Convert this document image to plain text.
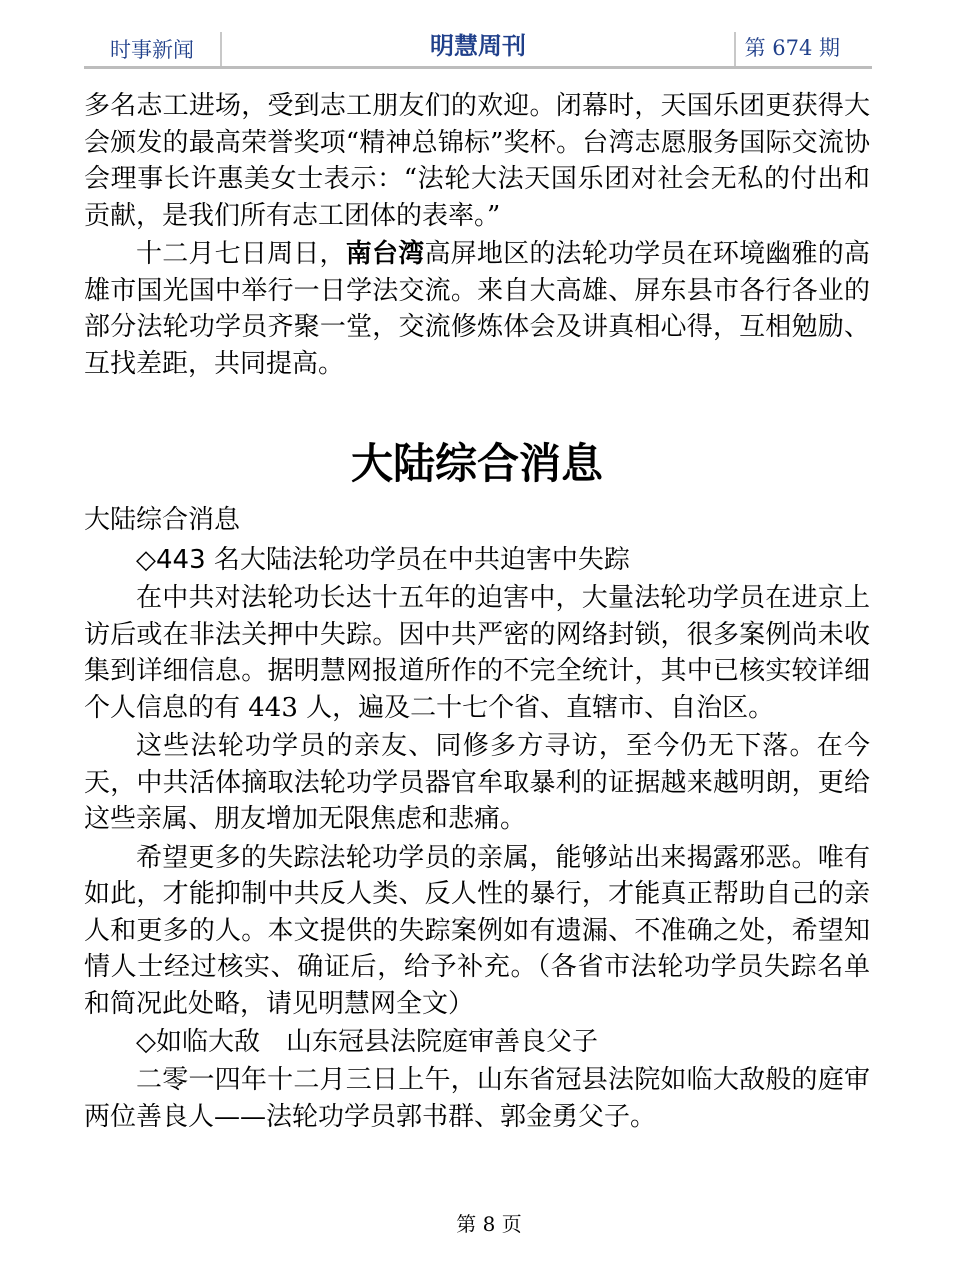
时事新闻	明慧周刊	第 674 期

多名志工进场，受到志工朋友们的欢迎。闭幕时，天国乐团更获得大会颁发的最高荣誉奖项“精神总锦标”奖杯。台湾志愿服务国际交流协会理事长许惠美女士表示：“法轮大法天国乐团对社会无私的付出和贡献，是我们所有志工团体的表率。”

十二月七日周日，南台湾高屏地区的法轮功学员在环境幽雅的高雄市国光国中举行一日学法交流。来自大高雄、屏东县市各行各业的部分法轮功学员齐聚一堂，交流修炼体会及讲真相心得，互相勉励、互找差距，共同提高。

大陆综合消息
大陆综合消息
◇443 名大陆法轮功学员在中共迫害中失踪

在中共对法轮功长达十五年的迫害中，大量法轮功学员在进京上访后或在非法关押中失踪。因中共严密的网络封锁，很多案例尚未收集到详细信息。据明慧网报道所作的不完全统计，其中已核实较详细个人信息的有 443 人，遍及二十七个省、直辖市、自治区。

这些法轮功学员的亲友、同修多方寻访，至今仍无下落。在今天，中共活体摘取法轮功学员器官牟取暴利的证据越来越明朗，更给这些亲属、朋友增加无限焦虑和悲痛。

希望更多的失踪法轮功学员的亲属，能够站出来揭露邪恶。唯有如此，才能抑制中共反人类、反人性的暴行，才能真正帮助自己的亲人和更多的人。本文提供的失踪案例如有遗漏、不准确之处，希望知情人士经过核实、确证后，给予补充。（各省市法轮功学员失踪名单和简况此处略，请见明慧网全文）

◇如临大敌　山东冠县法院庭审善良父子

二零一四年十二月三日上午，山东省冠县法院如临大敌般的庭审两位善良人——法轮功学员郭书群、郭金勇父子。

第 8 页
